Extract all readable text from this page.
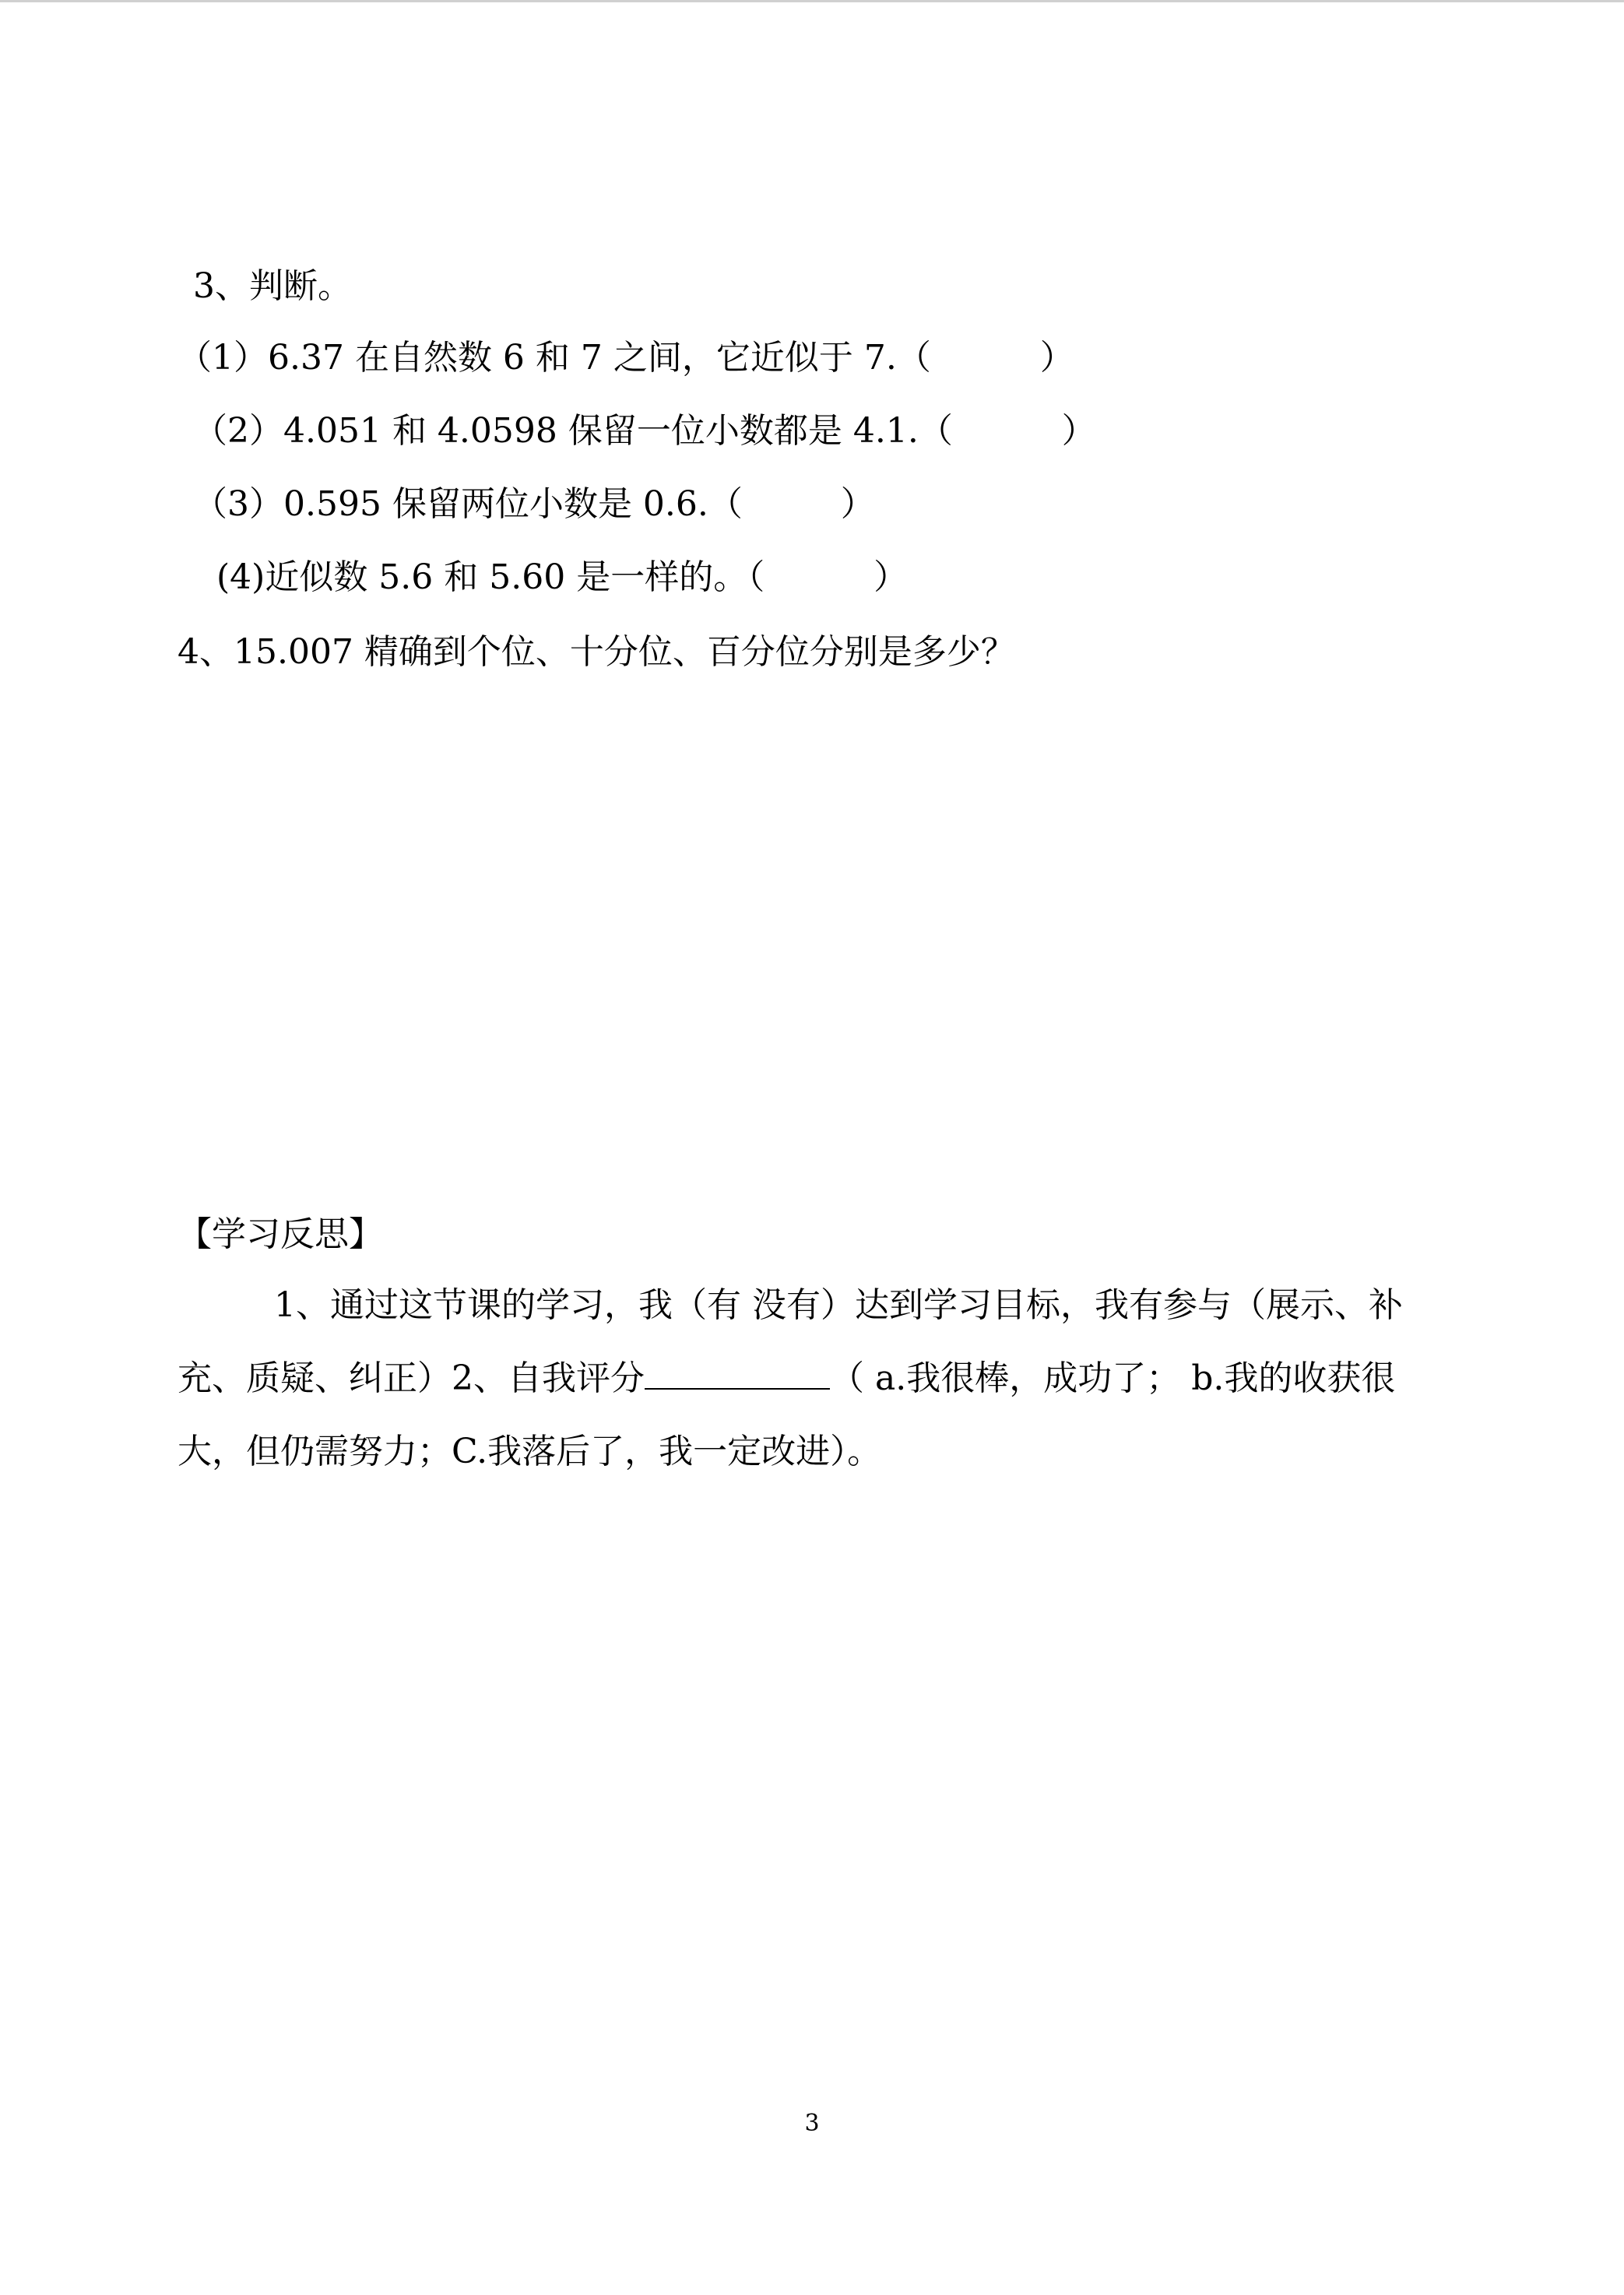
3、判断。
（1）6.37 在自然数 6 和 7 之间，它近似于 7.（          ）
（2）4.051 和 4.0598 保留一位小数都是 4.1.（          ）
（3）0.595 保留两位小数是 0.6.（         ）
(4)近似数 5.6 和 5.60 是一样的。（          ）
4、15.007 精确到个位、十分位、百分位分别是多少？
【学习反思】
1、通过这节课的学习，我（有 没有）达到学习目标，我有参与（展示、补充、质疑、纠正）2、自我评分	（ a.我很棒，成功了； b.我的收获很大，但仍需努力；C.我落后了，我一定改进）。
3
